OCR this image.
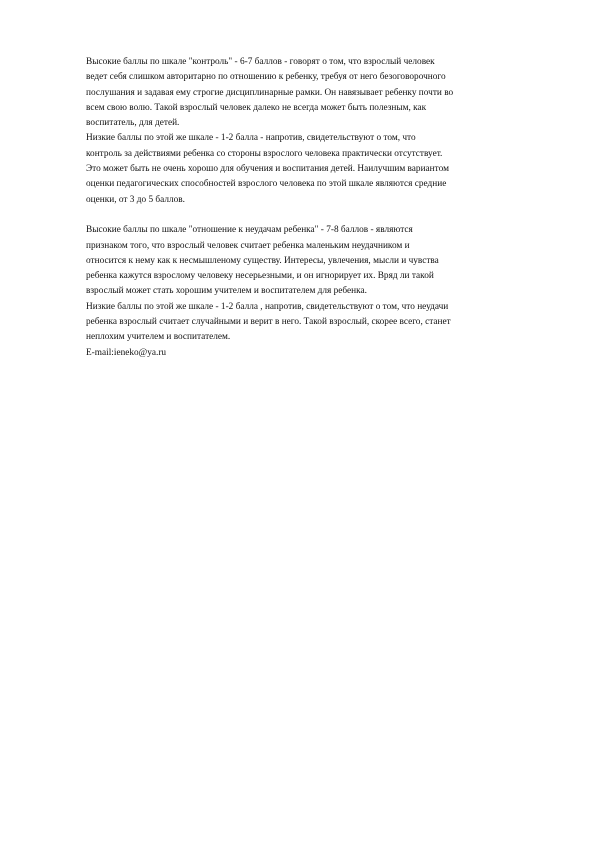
Высокие баллы по шкале "контроль" - 6-7 баллов - говорят о том, что взрослый человек
ведет себя слишком авторитарно по отношению к ребенку, требуя от него безоговорочного
послушания и задавая ему строгие дисциплинарные рамки. Он навязывает ребенку почти во
всем свою волю. Такой взрослый человек далеко не всегда может быть полезным, как
воспитатель, для детей.
Низкие баллы по этой же шкале - 1-2 балла - напротив, свидетельствуют о том, что
контроль за действиями ребенка со стороны взрослого человека практически отсутствует.
Это может быть не очень хорошо для обучения и воспитания детей. Наилучшим вариантом
оценки педагогических способностей взрослого человека по этой шкале являются средние
оценки, от 3 до 5 баллов.
Высокие баллы по шкале "отношение к неудачам ребенка" - 7-8 баллов - являются
признаком того, что взрослый человек считает ребенка маленьким неудачником и
относится к нему как к несмышленому существу. Интересы, увлечения, мысли и чувства
ребенка кажутся взрослому человеку несерьезными, и он игнорирует их. Вряд ли такой
взрослый может стать хорошим учителем и воспитателем для ребенка.
Низкие баллы по этой же шкале - 1-2 балла , напротив, свидетельствуют о том, что неудачи
ребенка взрослый считает случайными и верит в него. Такой взрослый, скорее всего, станет
неплохим учителем и воспитателем.
E-mail:ieneko@ya.ru
